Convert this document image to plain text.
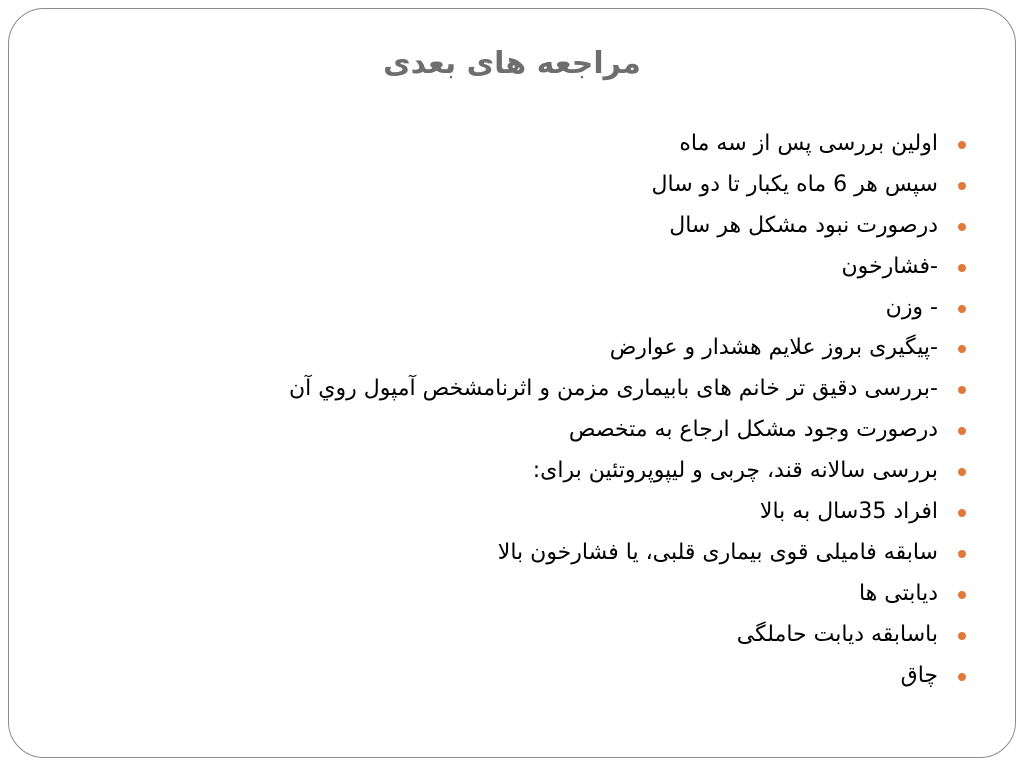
مراجعه های بعدی
اولین بررسی پس از سه ماه
سپس هر 6 ماه یکبار تا دو سال
درصورت نبود مشکل هر سال
-فشارخون
- وزن
-پیگیری بروز علایم هشدار و عوارض
-بررسی دقیق تر خانم های بابیماری مزمن و اثرنامشخص آمپول روي آن
درصورت وجود مشکل ارجاع به متخصص
بررسی سالانه قند، چربی و لیپوپروتئین برای:
افراد 35سال به بالا
سابقه فامیلی قوی بیماری قلبی، یا فشارخون بالا
دیابتی ها
باسابقه دیابت حاملگی
چاق
